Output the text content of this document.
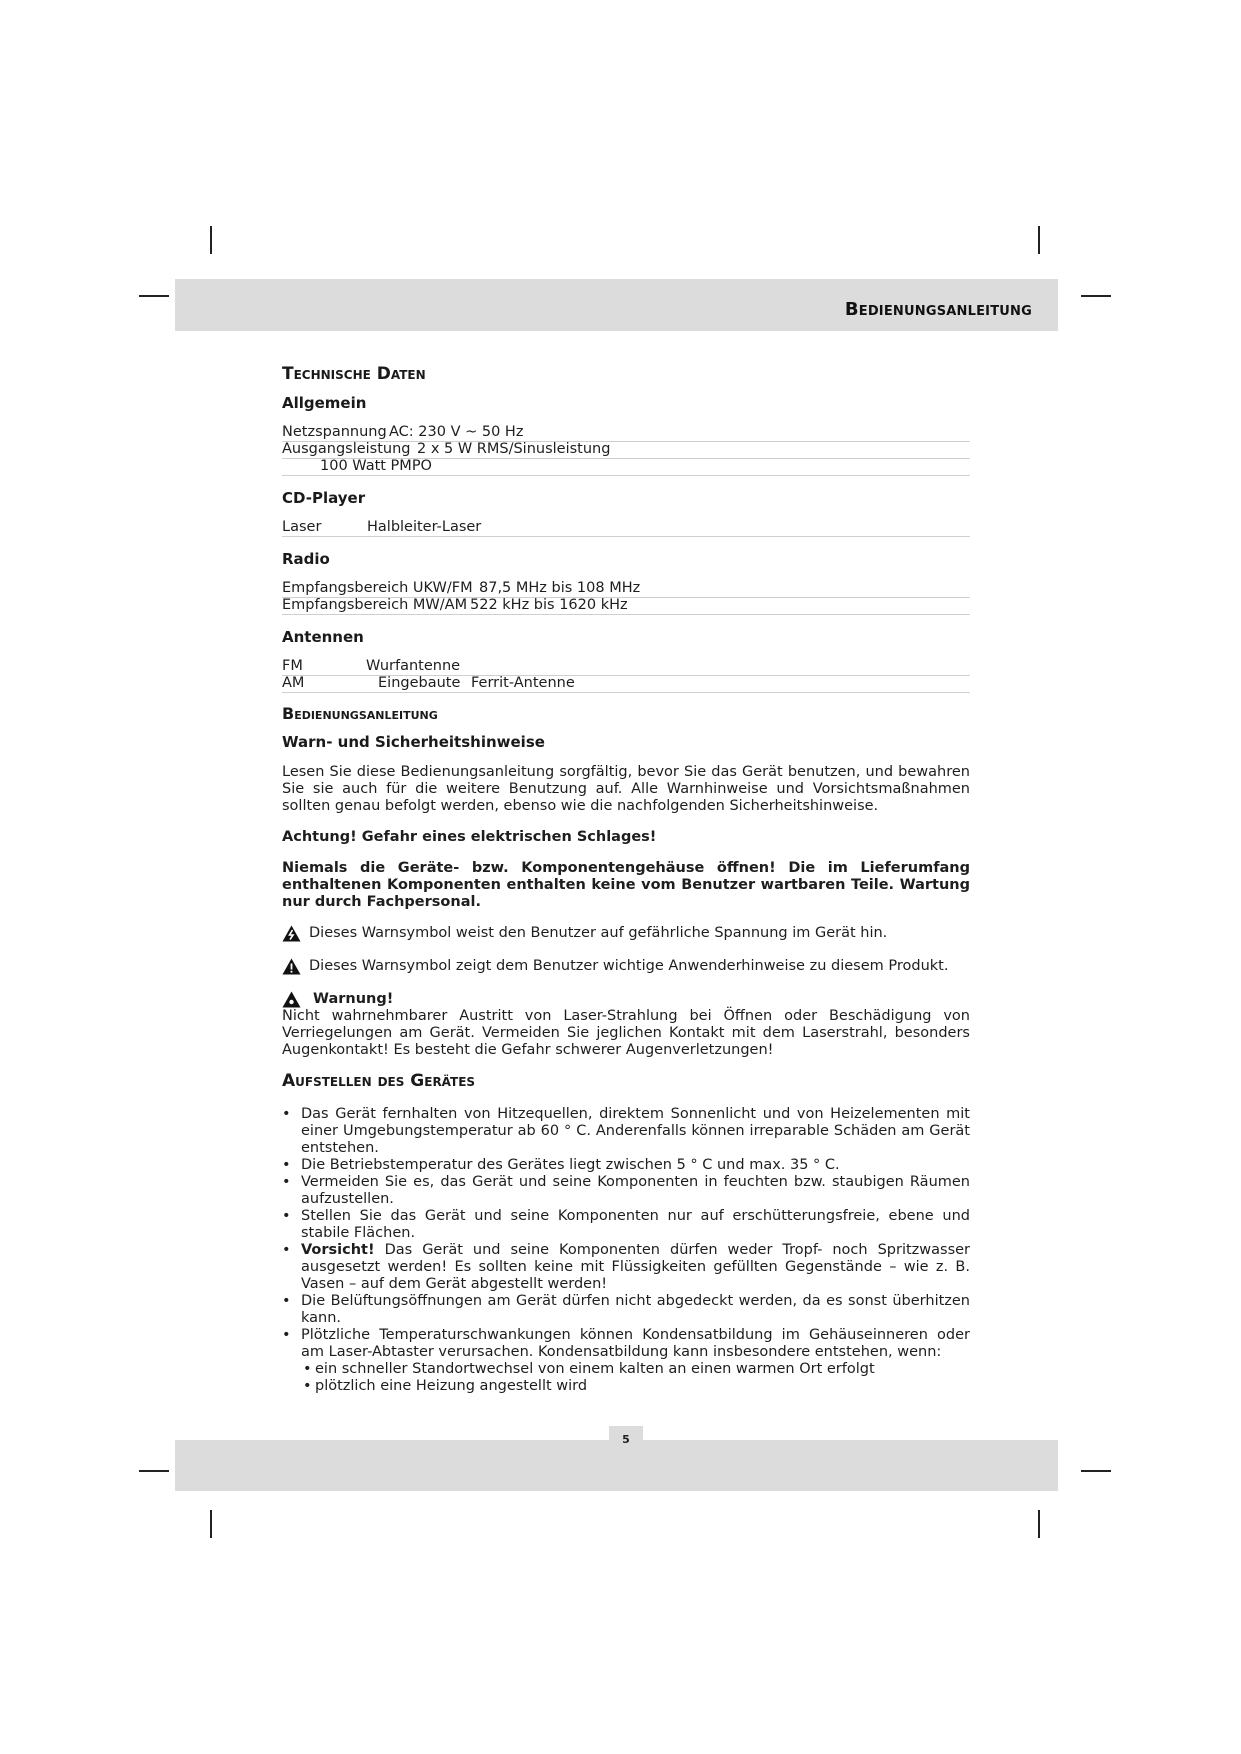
Bedienungsanleitung
Technische Daten
Allgemein
Netzspannung AC: 230 V ~ 50 Hz
Ausgangsleistung 2 x 5 W RMS/Sinusleistung
100 Watt PMPO
CD-Player
Laser	Halbleiter-Laser
Radio
Empfangsbereich UKW/FM 87,5 MHz bis 108 MHz
Empfangsbereich MW/AM 522 kHz bis 1620 kHz
Antennen
FM	Wurfantenne
AM	Eingebaute Ferrit-Antenne
Bedienungsanleitung
Warn- und Sicherheitshinweise

Lesen Sie diese Bedienungsanleitung sorgfältig, bevor Sie das Gerät benutzen, und bewahren Sie sie auch für die weitere Benutzung auf. Alle Warnhinweise und Vorsichtsmaßnahmen sollten genau befolgt werden, ebenso wie die nachfolgenden Sicherheitshinweise.

Achtung! Gefahr eines elektrischen Schlages!

Niemals die Geräte- bzw. Komponentengehäuse öffnen! Die im Lieferumfang enthaltenen Komponenten enthalten keine vom Benutzer wartbaren Teile. Wartung nur durch Fachpersonal.

Dieses Warnsymbol weist den Benutzer auf gefährliche Spannung im Gerät hin.
Dieses Warnsymbol zeigt dem Benutzer wichtige Anwenderhinweise zu diesem Produkt.
Warnung!

Nicht wahrnehmbarer Austritt von Laser-Strahlung bei Öffnen oder Beschädigung von Verriegelungen am Gerät. Vermeiden Sie jeglichen Kontakt mit dem Laserstrahl, besonders Augenkontakt! Es besteht die Gefahr schwerer Augenverletzungen!

Aufstellen des Gerätes
• Das Gerät fernhalten von Hitzequellen, direktem Sonnenlicht und von Heizelementen mit einer Umgebungstemperatur ab 60 ° C. Anderenfalls können irreparable Schäden am Gerät entstehen.
• Die Betriebstemperatur des Gerätes liegt zwischen 5 ° C und max. 35 ° C.
• Vermeiden Sie es, das Gerät und seine Komponenten in feuchten bzw. staubigen Räumen aufzustellen.
• Stellen Sie das Gerät und seine Komponenten nur auf erschütterungsfreie, ebene und stabile Flächen.
• Vorsicht! Das Gerät und seine Komponenten dürfen weder Tropf- noch Spritzwasser ausgesetzt werden! Es sollten keine mit Flüssigkeiten gefüllten Gegenstände – wie z. B. Vasen – auf dem Gerät abgestellt werden!
• Die Belüftungsöffnungen am Gerät dürfen nicht abgedeckt werden, da es sonst überhitzen kann.
• Plötzliche Temperaturschwankungen können Kondensatbildung im Gehäuseinneren oder am Laser-Abtaster verursachen. Kondensatbildung kann insbesondere entstehen, wenn:
• ein schneller Standortwechsel von einem kalten an einen warmen Ort erfolgt
• plötzlich eine Heizung angestellt wird
5
